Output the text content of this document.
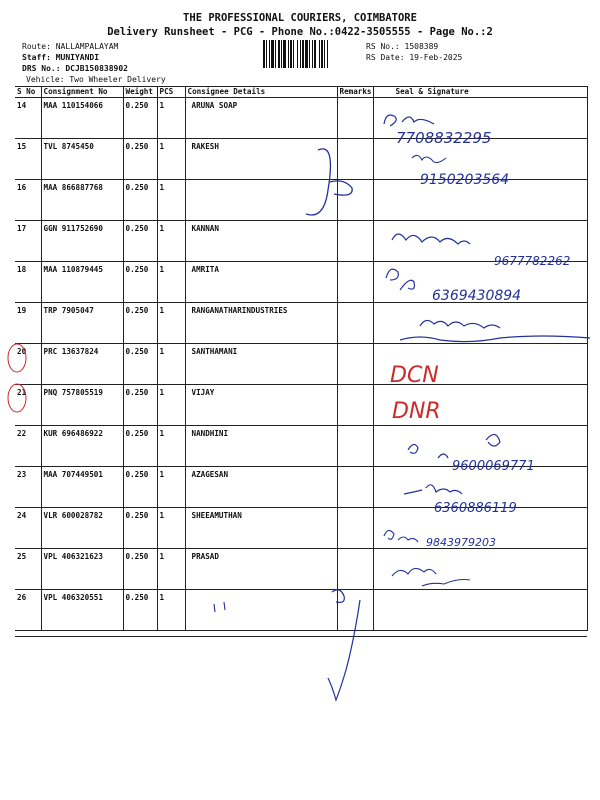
THE PROFESSIONAL COURIERS, COIMBATORE
Delivery Runsheet - PCG - Phone No.:0422-3505555 - Page No.:2
Route: NALLAMPALAYAM
Staff: MUNIYANDI
DRS No.: DCJB150838902
Vehicle: Two Wheeler Delivery
RS No.: 1508389
RS Date: 19-Feb-2025
S No	Consignment No	Weight	PCS	Consignee Details	Remarks	Seal & Signature
14	MAA 110154066	0.250	1	ARUNA SOAP		
15	TVL 8745450	0.250	1	RAKESH		
16	MAA 866887768	0.250	1			
17	GGN 911752690	0.250	1	KANNAN		
18	MAA 110879445	0.250	1	AMRITA		
19	TRP 7905047	0.250	1	RANGANATHARINDUSTRIES		
20	PRC 13637824	0.250	1	SANTHAMANI		
21	PNQ 757805519	0.250	1	VIJAY		
22	KUR 696486922	0.250	1	NANDHINI		
23	MAA 707449501	0.250	1	AZAGESAN		
24	VLR 600028782	0.250	1	SHEEAMUTHAN		
25	VPL 406321623	0.250	1	PRASAD		
26	VPL 406320551	0.250	1			
7708832295
9150203564
9677782262
6369430894
DCN
DNR
9600069771
6360886119
9843979203
